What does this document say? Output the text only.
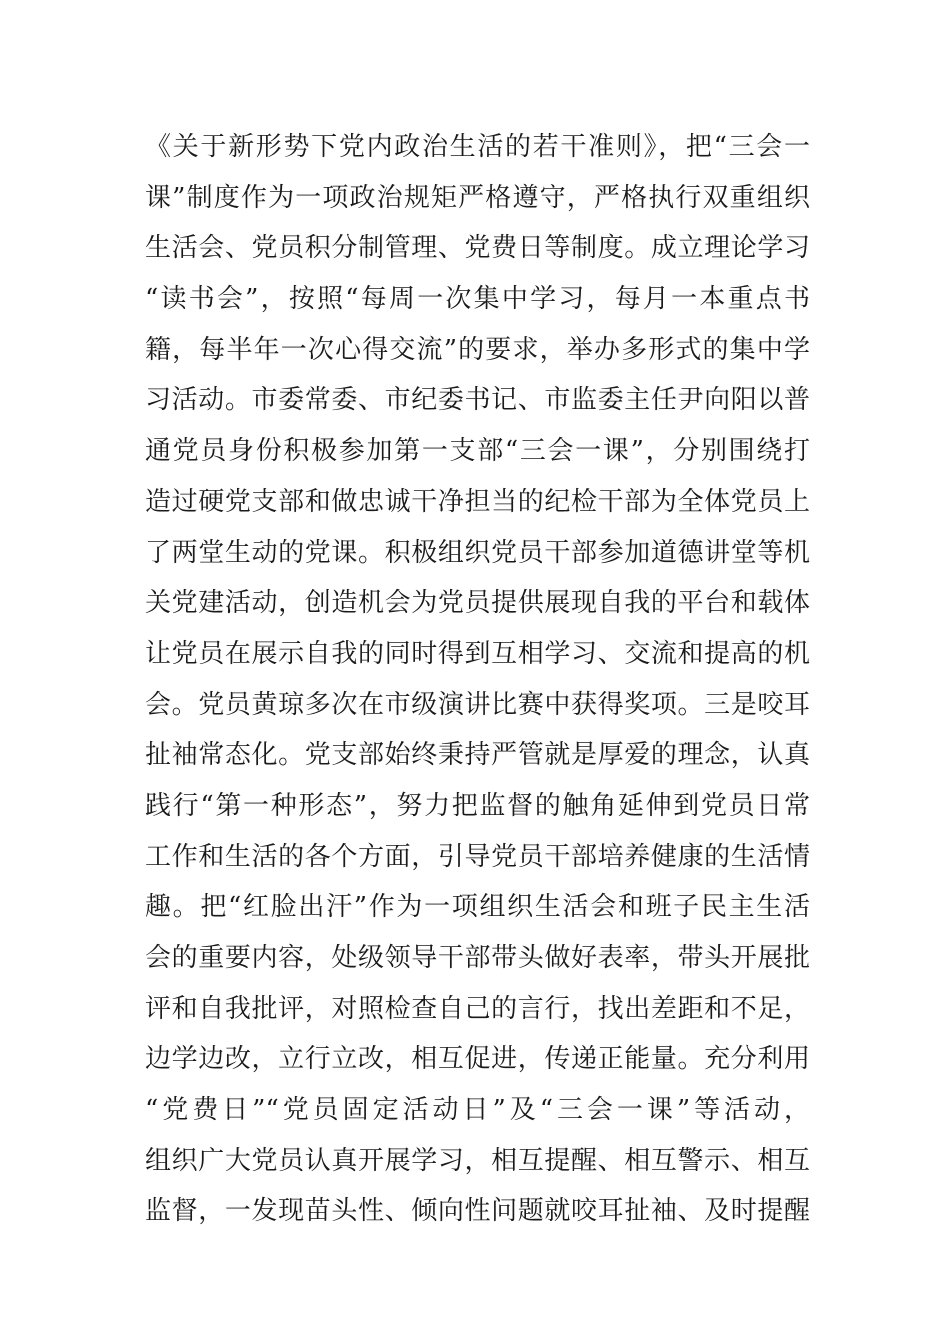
《关于新形势下党内政治生活的若干准则》，把“三会一
课”制度作为一项政治规矩严格遵守，严格执行双重组织
生活会、党员积分制管理、党费日等制度。成立理论学习
“读书会”，按照“每周一次集中学习，每月一本重点书
籍，每半年一次心得交流”的要求，举办多形式的集中学
习活动。市委常委、市纪委书记、市监委主任尹向阳以普
通党员身份积极参加第一支部“三会一课”，分别围绕打
造过硬党支部和做忠诚干净担当的纪检干部为全体党员上
了两堂生动的党课。积极组织党员干部参加道德讲堂等机
关党建活动，创造机会为党员提供展现自我的平台和载体
让党员在展示自我的同时得到互相学习、交流和提高的机
会。党员黄琼多次在市级演讲比赛中获得奖项。三是咬耳
扯袖常态化。党支部始终秉持严管就是厚爱的理念，认真
践行“第一种形态”，努力把监督的触角延伸到党员日常
工作和生活的各个方面，引导党员干部培养健康的生活情
趣。把“红脸出汗”作为一项组织生活会和班子民主生活
会的重要内容，处级领导干部带头做好表率，带头开展批
评和自我批评，对照检查自己的言行，找出差距和不足，
边学边改，立行立改，相互促进，传递正能量。充分利用
“党费日”“党员固定活动日”及“三会一课”等活动，
组织广大党员认真开展学习，相互提醒、相互警示、相互
监督，一发现苗头性、倾向性问题就咬耳扯袖、及时提醒
